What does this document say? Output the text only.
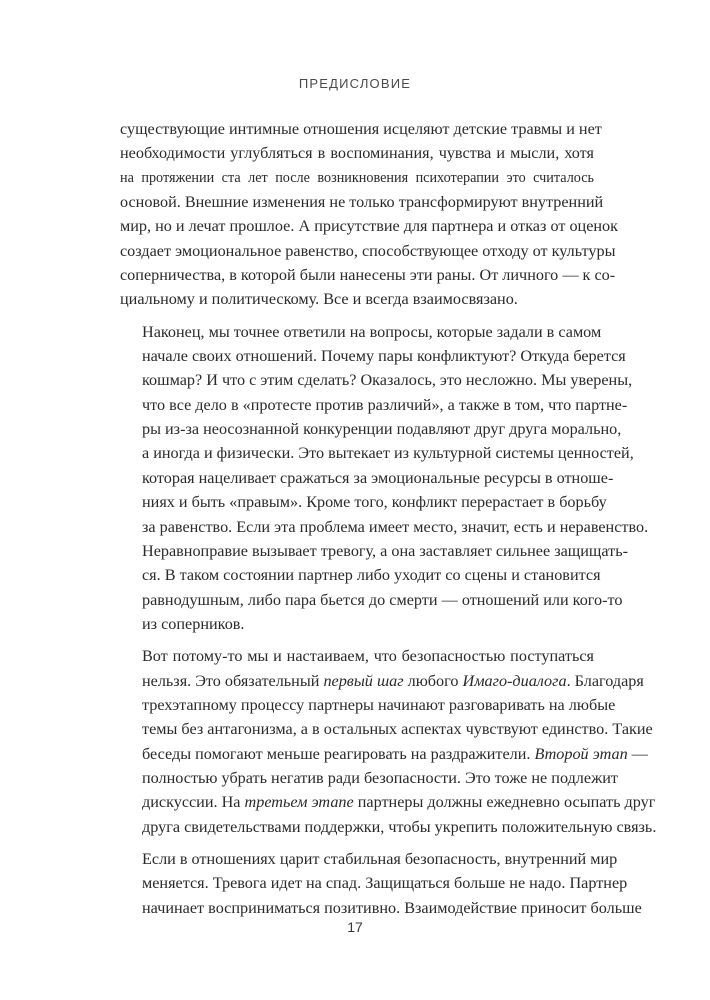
ПРЕДИСЛОВИЕ

существующие интимные отношения исцеляют детские травмы и нет
необходимости углубляться в воспоминания, чувства и мысли, хотя
на протяжении ста лет после возникновения психотерапии это считалось
основой. Внешние изменения не только трансформируют внутренний
мир, но и лечат прошлое. А присутствие для партнера и отказ от оценок
создает эмоциональное равенство, способствующее отходу от культуры
соперничества, в которой были нанесены эти раны. От личного — к со-
циальному и политическому. Все и всегда взаимосвязано.

Наконец, мы точнее ответили на вопросы, которые задали в самом
начале своих отношений. Почему пары конфликтуют? Откуда берется
кошмар? И что с этим сделать? Оказалось, это несложно. Мы уверены,
что все дело в «протесте против различий», а также в том, что партне-
ры из-за неосознанной конкуренции подавляют друг друга морально,
а иногда и физически. Это вытекает из культурной системы ценностей,
которая нацеливает сражаться за эмоциональные ресурсы в отноше-
ниях и быть «правым». Кроме того, конфликт перерастает в борьбу
за равенство. Если эта проблема имеет место, значит, есть и неравенство.
Неравноправие вызывает тревогу, а она заставляет сильнее защищать-
ся. В таком состоянии партнер либо уходит со сцены и становится
равнодушным, либо пара бьется до смерти — отношений или кого-то
из соперников.

Вот потому-то мы и настаиваем, что безопасностью поступаться
нельзя. Это обязательный первый шаг любого Имаго-диалога. Благодаря
трехэтапному процессу партнеры начинают разговаривать на любые
темы без антагонизма, а в остальных аспектах чувствуют единство. Такие
беседы помогают меньше реагировать на раздражители. Второй этап —
полностью убрать негатив ради безопасности. Это тоже не подлежит
дискуссии. На третьем этапе партнеры должны ежедневно осыпать друг
друга свидетельствами поддержки, чтобы укрепить положительную связь.

Если в отношениях царит стабильная безопасность, внутренний мир
меняется. Тревога идет на спад. Защищаться больше не надо. Партнер
начинает восприниматься позитивно. Взаимодействие приносит больше

17
